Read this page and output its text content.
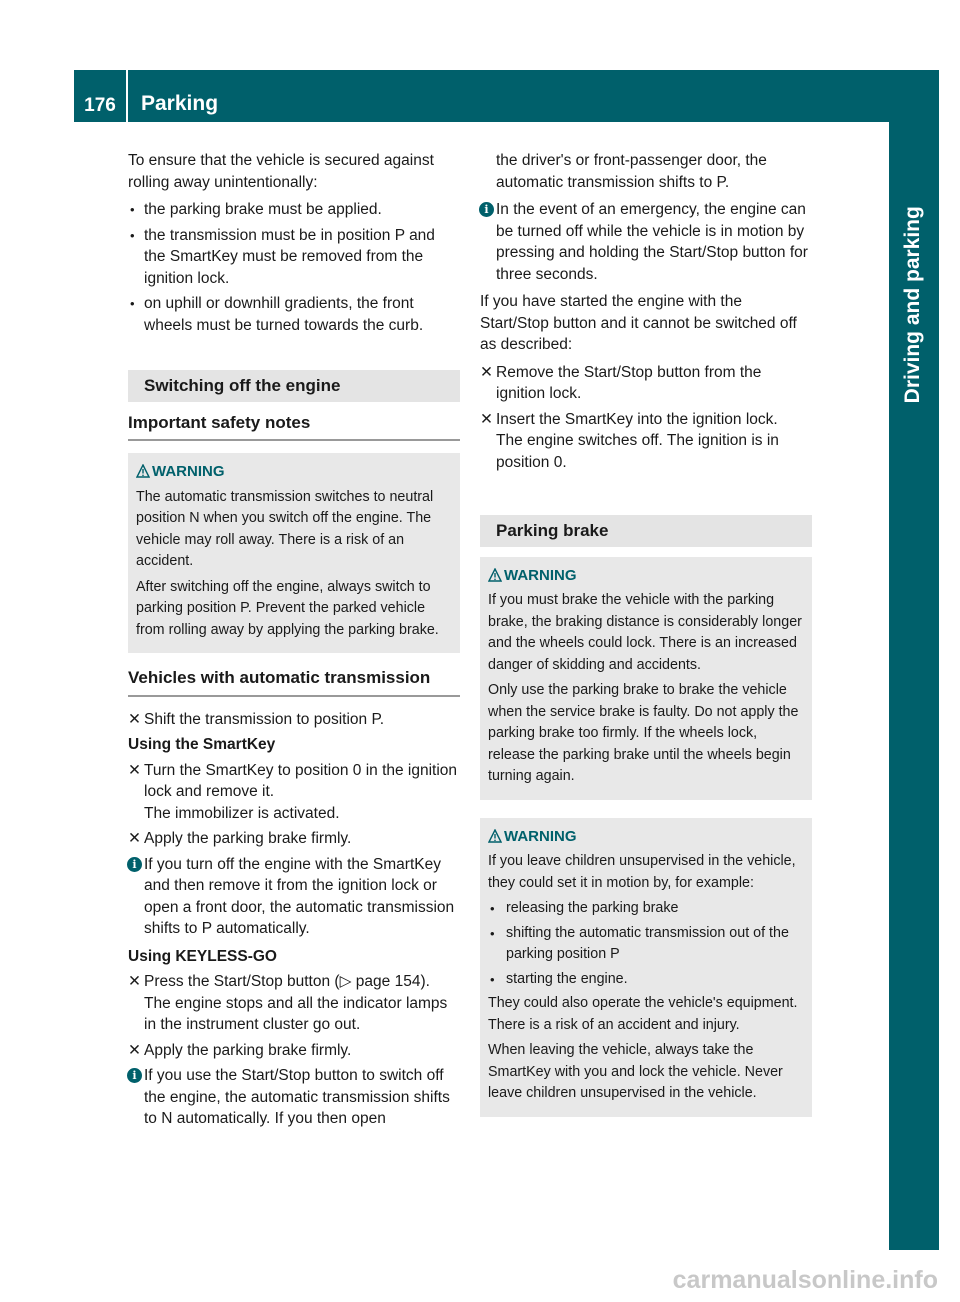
176	Parking
Driving and parking

To ensure that the vehicle is secured against rolling away unintentionally:

• the parking brake must be applied.
• the transmission must be in position P and the SmartKey must be removed from the ignition lock.
• on uphill or downhill gradients, the front wheels must be turned towards the curb.
Switching off the engine
Important safety notes
WARNING

The automatic transmission switches to neutral position N when you switch off the engine. The vehicle may roll away. There is a risk of an accident.

After switching off the engine, always switch to parking position P. Prevent the parked vehicle from rolling away by applying the parking brake.

Vehicles with automatic transmission
✕ Shift the transmission to position P.
Using the SmartKey
✕ Turn the SmartKey to position 0 in the ignition lock and remove it.
The immobilizer is activated.
✕ Apply the parking brake firmly.
i If you turn off the engine with the SmartKey and then remove it from the ignition lock or open a front door, the automatic transmission shifts to P automatically.
Using KEYLESS-GO
✕ Press the Start/Stop button (▷ page 154).
The engine stops and all the indicator lamps in the instrument cluster go out.
✕ Apply the parking brake firmly.
i If you use the Start/Stop button to switch off the engine, the automatic transmission shifts to N automatically. If you then open

the driver's or front-passenger door, the automatic transmission shifts to P.

i In the event of an emergency, the engine can be turned off while the vehicle is in motion by pressing and holding the Start/Stop button for three seconds.

If you have started the engine with the Start/Stop button and it cannot be switched off as described:

✕ Remove the Start/Stop button from the ignition lock.
✕ Insert the SmartKey into the ignition lock.
The engine switches off. The ignition is in position 0.
Parking brake
WARNING

If you must brake the vehicle with the parking brake, the braking distance is considerably longer and the wheels could lock. There is an increased danger of skidding and accidents.

Only use the parking brake to brake the vehicle when the service brake is faulty. Do not apply the parking brake too firmly. If the wheels lock, release the parking brake until the wheels begin turning again.

WARNING

If you leave children unsupervised in the vehicle, they could set it in motion by, for example:

• releasing the parking brake
• shifting the automatic transmission out of the parking position P
• starting the engine.

They could also operate the vehicle's equipment. There is a risk of an accident and injury.

When leaving the vehicle, always take the SmartKey with you and lock the vehicle. Never leave children unsupervised in the vehicle.

carmanualsonline.info
